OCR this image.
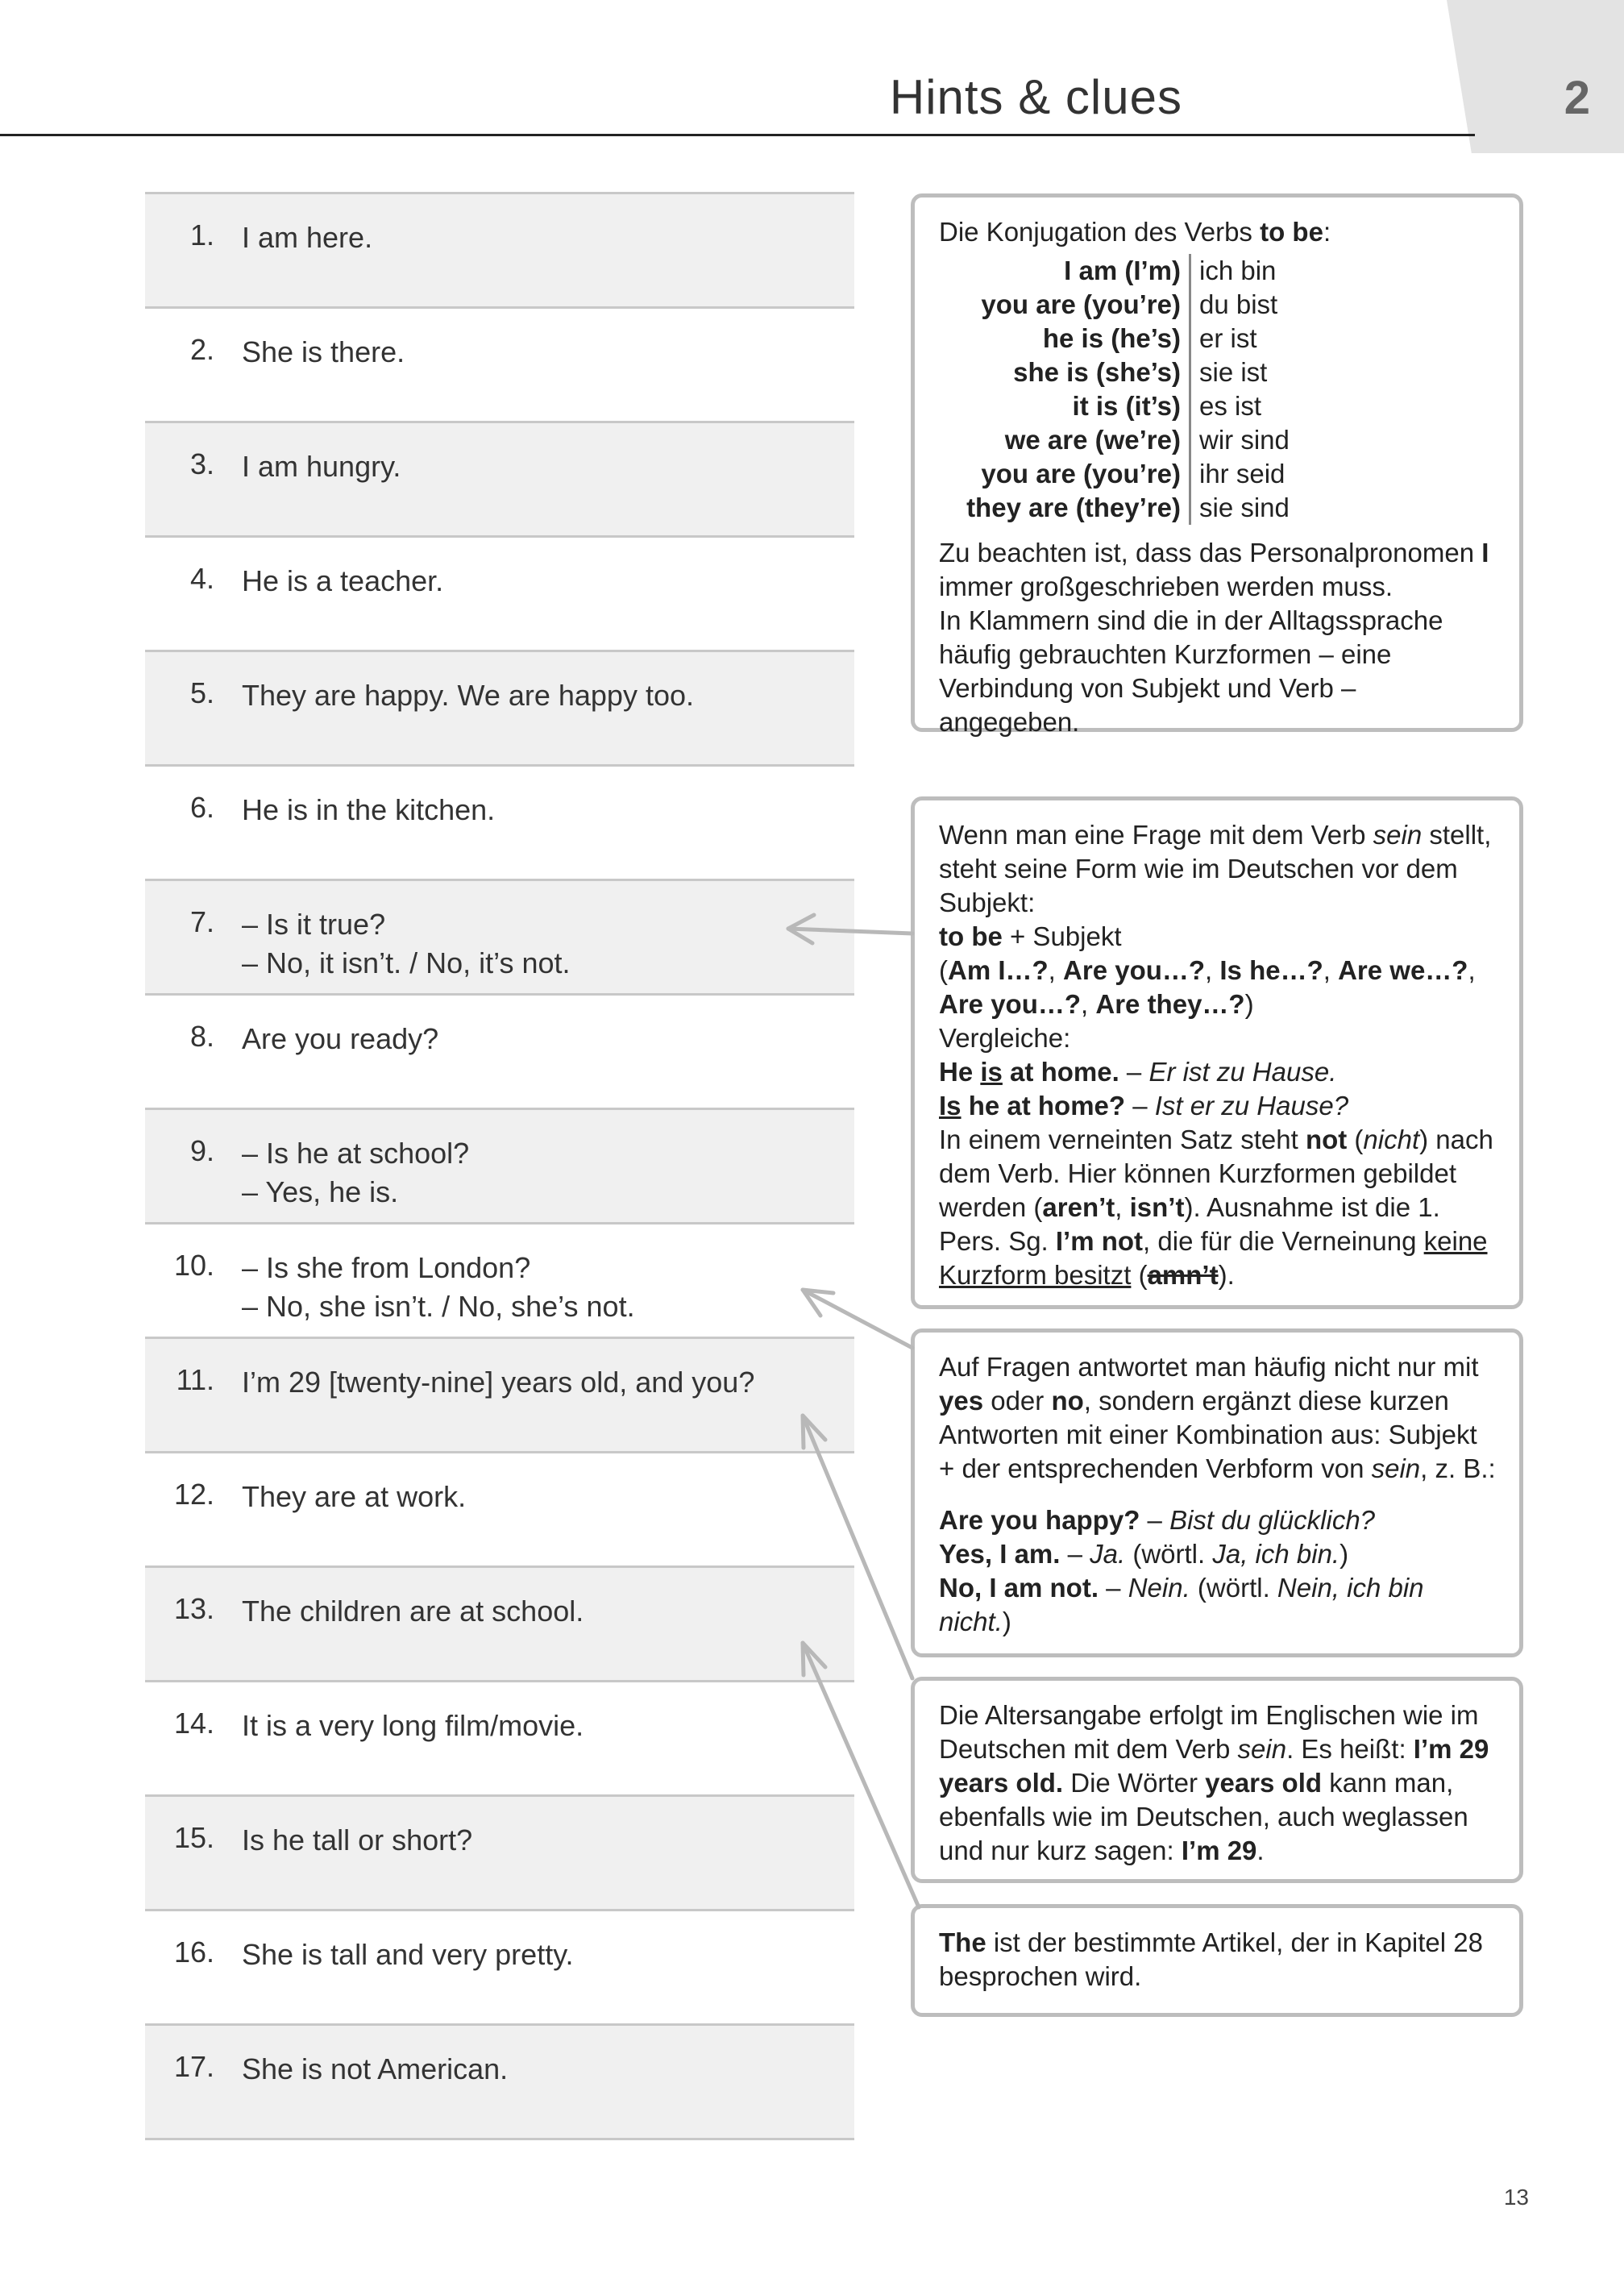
2
Hints & clues
1. I am here.
2. She is there.
3. I am hungry.
4. He is a teacher.
5. They are happy. We are happy too.
6. He is in the kitchen.
7. – Is it true?
– No, it isn’t. / No, it’s not.
8. Are you ready?
9. – Is he at school?
– Yes, he is.
10. – Is she from London?
– No, she isn’t. / No, she’s not.
11. I’m 29 [twenty-nine] years old, and you?
12. They are at work.
13. The children are at school.
14. It is a very long film/movie.
15. Is he tall or short?
16. She is tall and very pretty.
17. She is not American.

Die Konjugation des Verbs to be:

I am (I’m) ich bin
you are (you’re) du bist
he is (he’s) er ist
she is (she’s) sie ist
it is (it’s) es ist
we are (we’re) wir sind
you are (you’re) ihr seid
they are (they’re) sie sind

Zu beachten ist, dass das Personalpronomen I immer großgeschrieben werden muss.
In Klammern sind die in der Alltagssprache häufig gebrauchten Kurzformen – eine Verbindung von Subjekt und Verb – angegeben.

Wenn man eine Frage mit dem Verb sein stellt, steht seine Form wie im Deutschen vor dem Subjekt:

to be + Subjekt

(Am I…?, Are you…?, Is he…?, Are we…?, Are you…?, Are they…?)

Vergleiche:

He is at home. – Er ist zu Hause.

Is he at home? – Ist er zu Hause?

In einem verneinten Satz steht not (nicht) nach dem Verb. Hier können Kurzformen gebildet werden (aren’t, isn’t). Ausnahme ist die 1. Pers. Sg. I’m not, die für die Verneinung keine Kurzform besitzt (amn’t).

Auf Fragen antwortet man häufig nicht nur mit yes oder no, sondern ergänzt diese kurzen Antworten mit einer Kombination aus: Subjekt + der entsprechenden Verbform von sein, z. B.:

Are you happy? – Bist du glücklich?

Yes, I am. – Ja. (wörtl. Ja, ich bin.)

No, I am not. – Nein. (wörtl. Nein, ich bin nicht.)

Die Altersangabe erfolgt im Englischen wie im Deutschen mit dem Verb sein. Es heißt: I’m 29 years old. Die Wörter years old kann man, ebenfalls wie im Deutschen, auch weglassen und nur kurz sagen: I’m 29.

The ist der bestimmte Artikel, der in Kapitel 28 besprochen wird.

13
